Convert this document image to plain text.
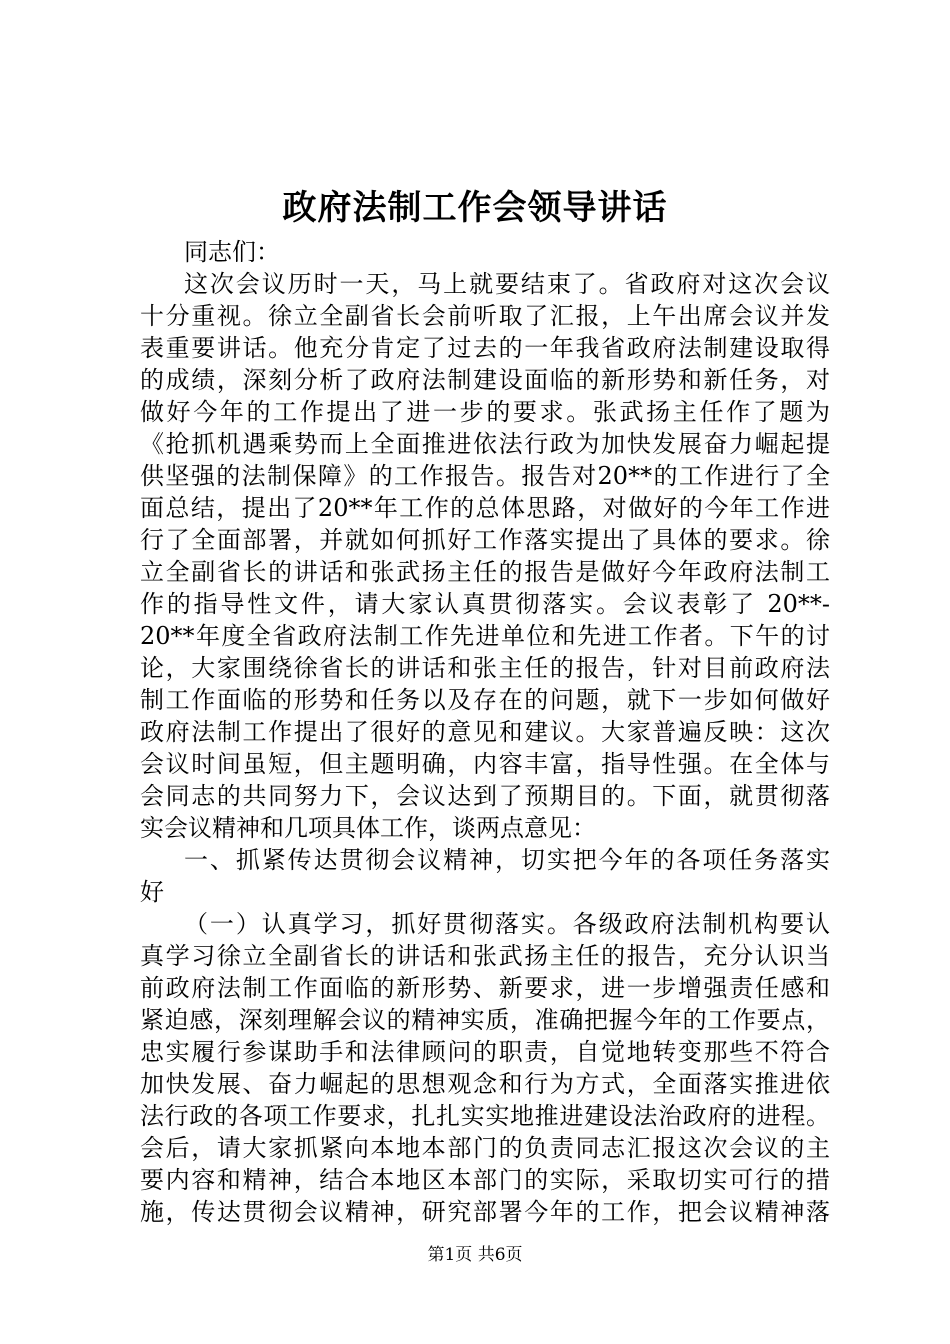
政府法制工作会领导讲话
同志们：
这次会议历时一天，马上就要结束了。省政府对这次会议
十分重视。徐立全副省长会前听取了汇报，上午出席会议并发
表重要讲话。他充分肯定了过去的一年我省政府法制建设取得
的成绩，深刻分析了政府法制建设面临的新形势和新任务，对
做好今年的工作提出了进一步的要求。张武扬主任作了题为
《抢抓机遇乘势而上全面推进依法行政为加快发展奋力崛起提
供坚强的法制保障》的工作报告。报告对20**的工作进行了全
面总结，提出了20**年工作的总体思路，对做好的今年工作进
行了全面部署，并就如何抓好工作落实提出了具体的要求。徐
立全副省长的讲话和张武扬主任的报告是做好今年政府法制工
作的指导性文件，请大家认真贯彻落实。会议表彰了 20**-
20**年度全省政府法制工作先进单位和先进工作者。下午的讨
论，大家围绕徐省长的讲话和张主任的报告，针对目前政府法
制工作面临的形势和任务以及存在的问题，就下一步如何做好
政府法制工作提出了很好的意见和建议。大家普遍反映：这次
会议时间虽短，但主题明确，内容丰富，指导性强。在全体与
会同志的共同努力下，会议达到了预期目的。下面，就贯彻落
实会议精神和几项具体工作，谈两点意见：
一、抓紧传达贯彻会议精神，切实把今年的各项任务落实
好
（一）认真学习，抓好贯彻落实。各级政府法制机构要认
真学习徐立全副省长的讲话和张武扬主任的报告，充分认识当
前政府法制工作面临的新形势、新要求，进一步增强责任感和
紧迫感，深刻理解会议的精神实质，准确把握今年的工作要点，
忠实履行参谋助手和法律顾问的职责，自觉地转变那些不符合
加快发展、奋力崛起的思想观念和行为方式，全面落实推进依
法行政的各项工作要求，扎扎实实地推进建设法治政府的进程。
会后，请大家抓紧向本地本部门的负责同志汇报这次会议的主
要内容和精神，结合本地区本部门的实际，采取切实可行的措
施，传达贯彻会议精神，研究部署今年的工作，把会议精神落
第1页 共6页
